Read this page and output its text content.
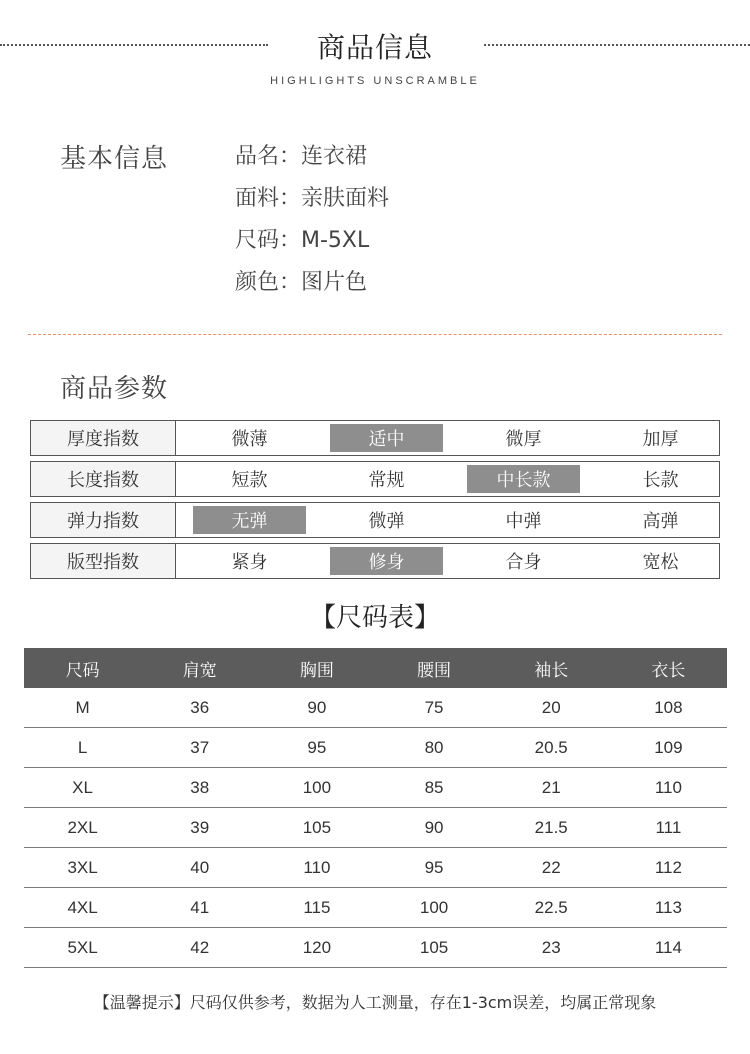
商品信息
HIGHLIGHTS UNSCRAMBLE
基本信息	品名：连衣裙
面料：亲肤面料
尺码：M-5XL
颜色：图片色
商品参数
厚度指数	微薄	适中	微厚	加厚
长度指数	短款	常规	中长款	长款
弹力指数	无弹	微弹	中弹	高弹
版型指数	紧身	修身	合身	宽松
【尺码表】
尺码	肩宽	胸围	腰围	袖长	衣长
M	36	90	75	20	108
L	37	95	80	20.5	109
XL	38	100	85	21	110
2XL	39	105	90	21.5	111
3XL	40	110	95	22	112
4XL	41	115	100	22.5	113
5XL	42	120	105	23	114
【温馨提示】尺码仅供参考，数据为人工测量，存在1-3cm误差，均属正常现象
